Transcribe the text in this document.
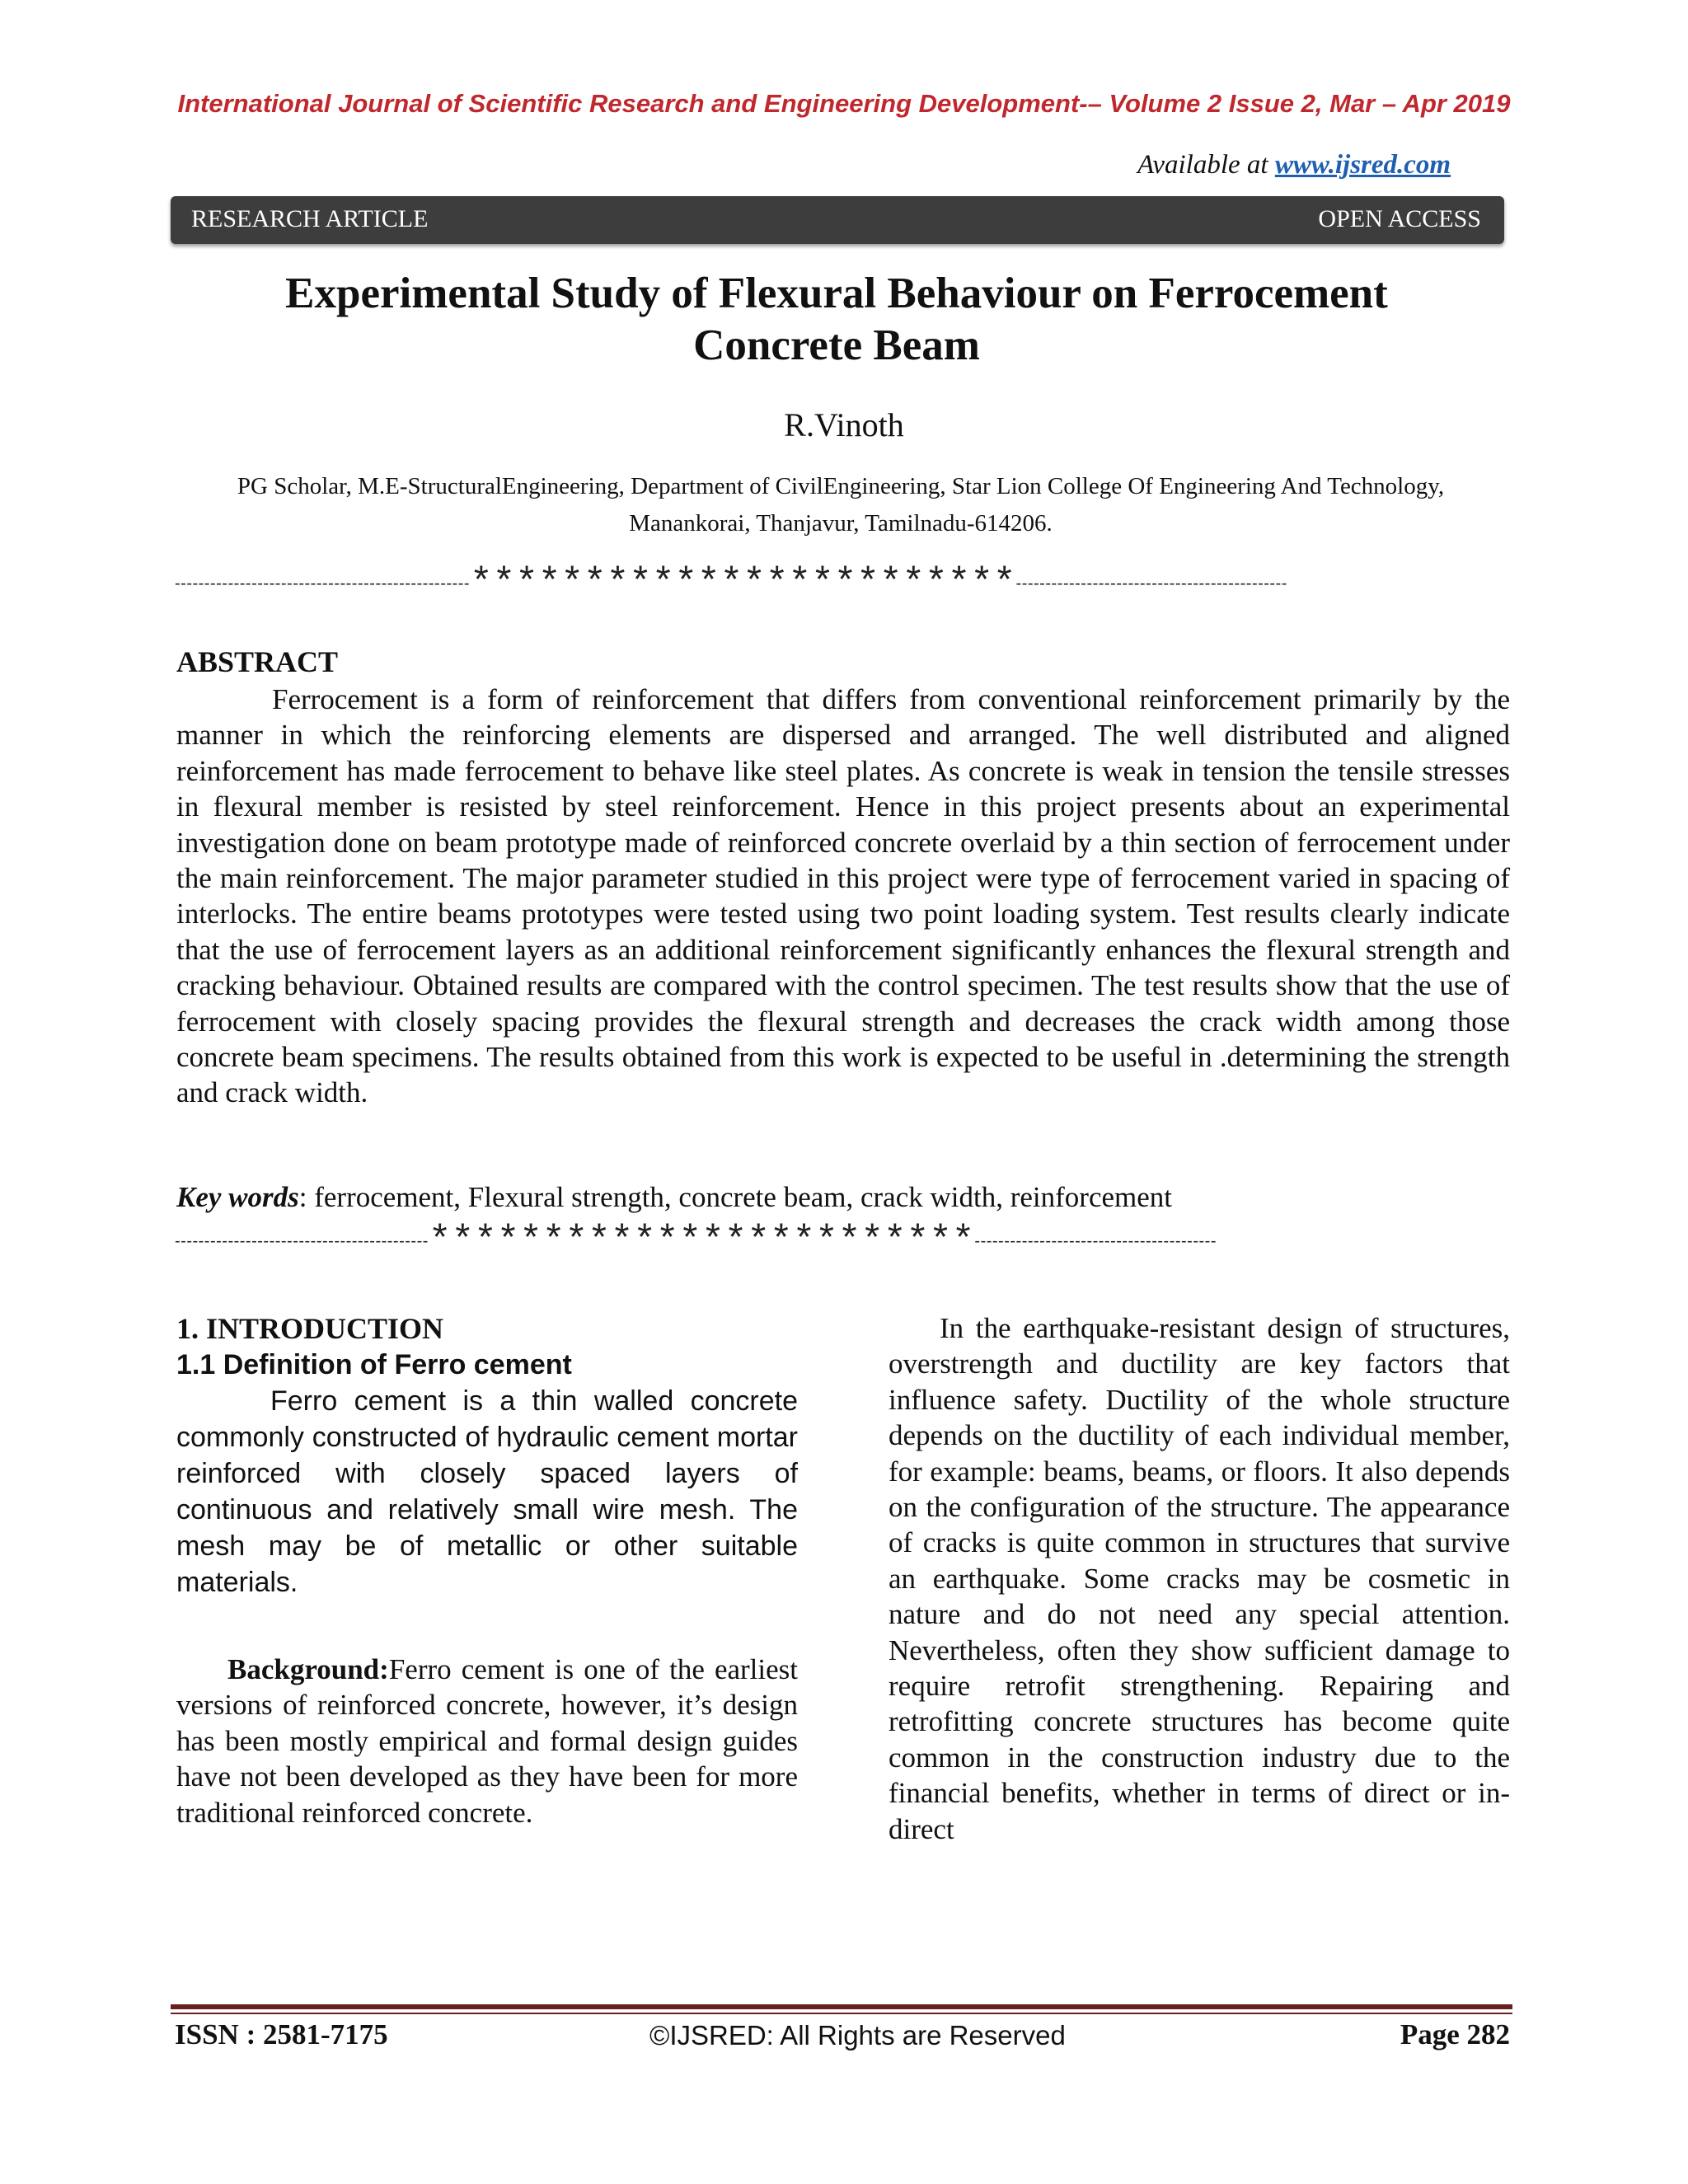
International Journal of Scientific Research and Engineering Development-– Volume 2 Issue 2, Mar – Apr 2019
Available at www.ijsred.com
RESEARCH ARTICLE	OPEN ACCESS
Experimental Study of Flexural Behaviour on Ferrocement
Concrete Beam
R.Vinoth
PG Scholar, M.E-StructuralEngineering, Department of CivilEngineering, Star Lion College Of Engineering And Technology,
Manankorai, Thanjavur, Tamilnadu-614206.
--------------------------------------------------************************----------------------------------------------
ABSTRACT

Ferrocement is a form of reinforcement that differs from conventional reinforcement primarily by the manner in which the reinforcing elements are dispersed and arranged. The well distributed and aligned reinforcement has made ferrocement to behave like steel plates. As concrete is weak in tension the tensile stresses in flexural member is resisted by steel reinforcement. Hence in this project presents about an experimental investigation done on beam prototype made of reinforced concrete overlaid by a thin section of ferrocement under the main reinforcement. The major parameter studied in this project were type of ferrocement varied in spacing of interlocks. The entire beams prototypes were tested using two point loading system. Test results clearly indicate that the use of ferrocement layers as an additional reinforcement significantly enhances the flexural strength and cracking behaviour. Obtained results are compared with the control specimen. The test results show that the use of ferrocement with closely spacing provides the flexural strength and decreases the crack width among those concrete beam specimens. The results obtained from this work is expected to be useful in .determining the strength and crack width.

Key words: ferrocement, Flexural strength, concrete beam, crack width, reinforcement
-------------------------------------------************************-----------------------------------------
1. INTRODUCTION
1.1 Definition of Ferro cement

Ferro cement is a thin walled concrete commonly constructed of hydraulic cement mortar reinforced with closely spaced layers of continuous and relatively small wire mesh. The mesh may be of metallic or other suitable materials.

Background:Ferro cement is one of the earliest versions of reinforced concrete, however, it’s design has been mostly empirical and formal design guides have not been developed as they have been for more traditional reinforced concrete.

In the earthquake-resistant design of structures, overstrength and ductility are key factors that influence safety. Ductility of the whole structure depends on the ductility of each individual member, for example: beams, beams, or floors. It also depends on the configuration of the structure. The appearance of cracks is quite common in structures that survive an earthquake. Some cracks may be cosmetic in nature and do not need any special attention. Nevertheless, often they show sufficient damage to require retrofit strengthening. Repairing and retrofitting concrete structures has become quite common in the construction industry due to the financial benefits, whether in terms of direct or in-direct

ISSN : 2581-7175	©IJSRED: All Rights are Reserved	Page 282
